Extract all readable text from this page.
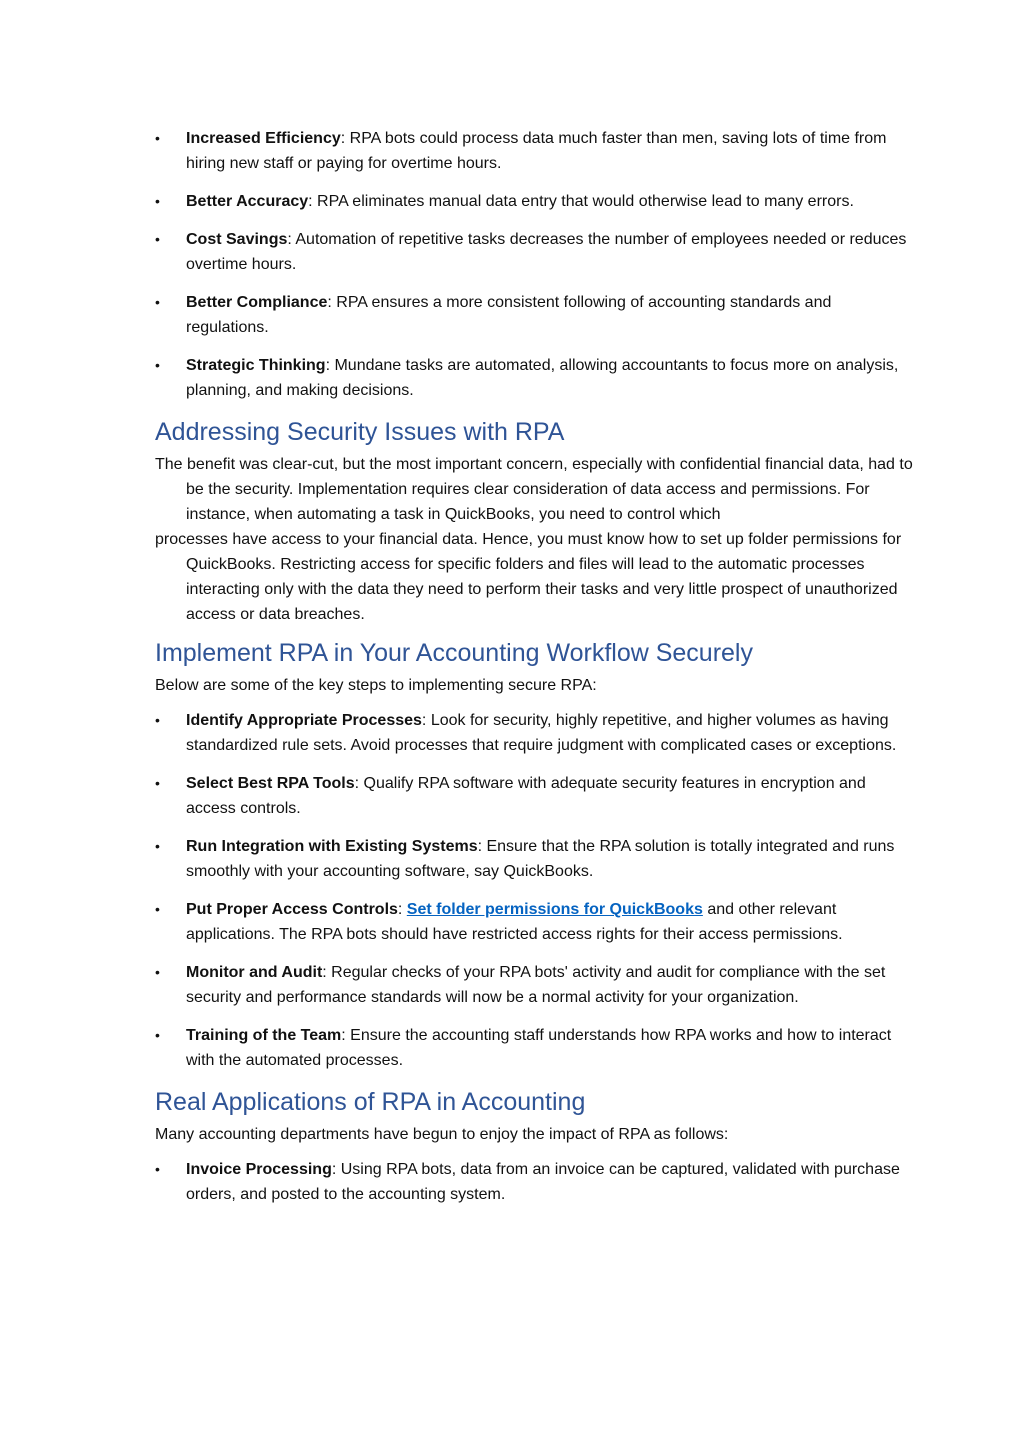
• Increased Efficiency: RPA bots could process data much faster than men, saving lots of time from hiring new staff or paying for overtime hours.
• Better Accuracy: RPA eliminates manual data entry that would otherwise lead to many errors.
• Cost Savings: Automation of repetitive tasks decreases the number of employees needed or reduces overtime hours.
• Better Compliance: RPA ensures a more consistent following of accounting standards and regulations.
• Strategic Thinking: Mundane tasks are automated, allowing accountants to focus more on analysis, planning, and making decisions.
Addressing Security Issues with RPA

The benefit was clear-cut, but the most important concern, especially with confidential financial data, had to be the security. Implementation requires clear consideration of data access and permissions. For instance, when automating a task in QuickBooks, you need to control which

processes have access to your financial data. Hence, you must know how to set up folder permissions for QuickBooks. Restricting access for specific folders and files will lead to the automatic processes interacting only with the data they need to perform their tasks and very little prospect of unauthorized access or data breaches.

Implement RPA in Your Accounting Workflow Securely

Below are some of the key steps to implementing secure RPA:

• Identify Appropriate Processes: Look for security, highly repetitive, and higher volumes as having standardized rule sets. Avoid processes that require judgment with complicated cases or exceptions.
• Select Best RPA Tools: Qualify RPA software with adequate security features in encryption and access controls.
• Run Integration with Existing Systems: Ensure that the RPA solution is totally integrated and runs smoothly with your accounting software, say QuickBooks.
• Put Proper Access Controls: Set folder permissions for QuickBooks and other relevant applications. The RPA bots should have restricted access rights for their access permissions.
• Monitor and Audit: Regular checks of your RPA bots' activity and audit for compliance with the set security and performance standards will now be a normal activity for your organization.
• Training of the Team: Ensure the accounting staff understands how RPA works and how to interact with the automated processes.
Real Applications of RPA in Accounting

Many accounting departments have begun to enjoy the impact of RPA as follows:

• Invoice Processing: Using RPA bots, data from an invoice can be captured, validated with purchase orders, and posted to the accounting system.
